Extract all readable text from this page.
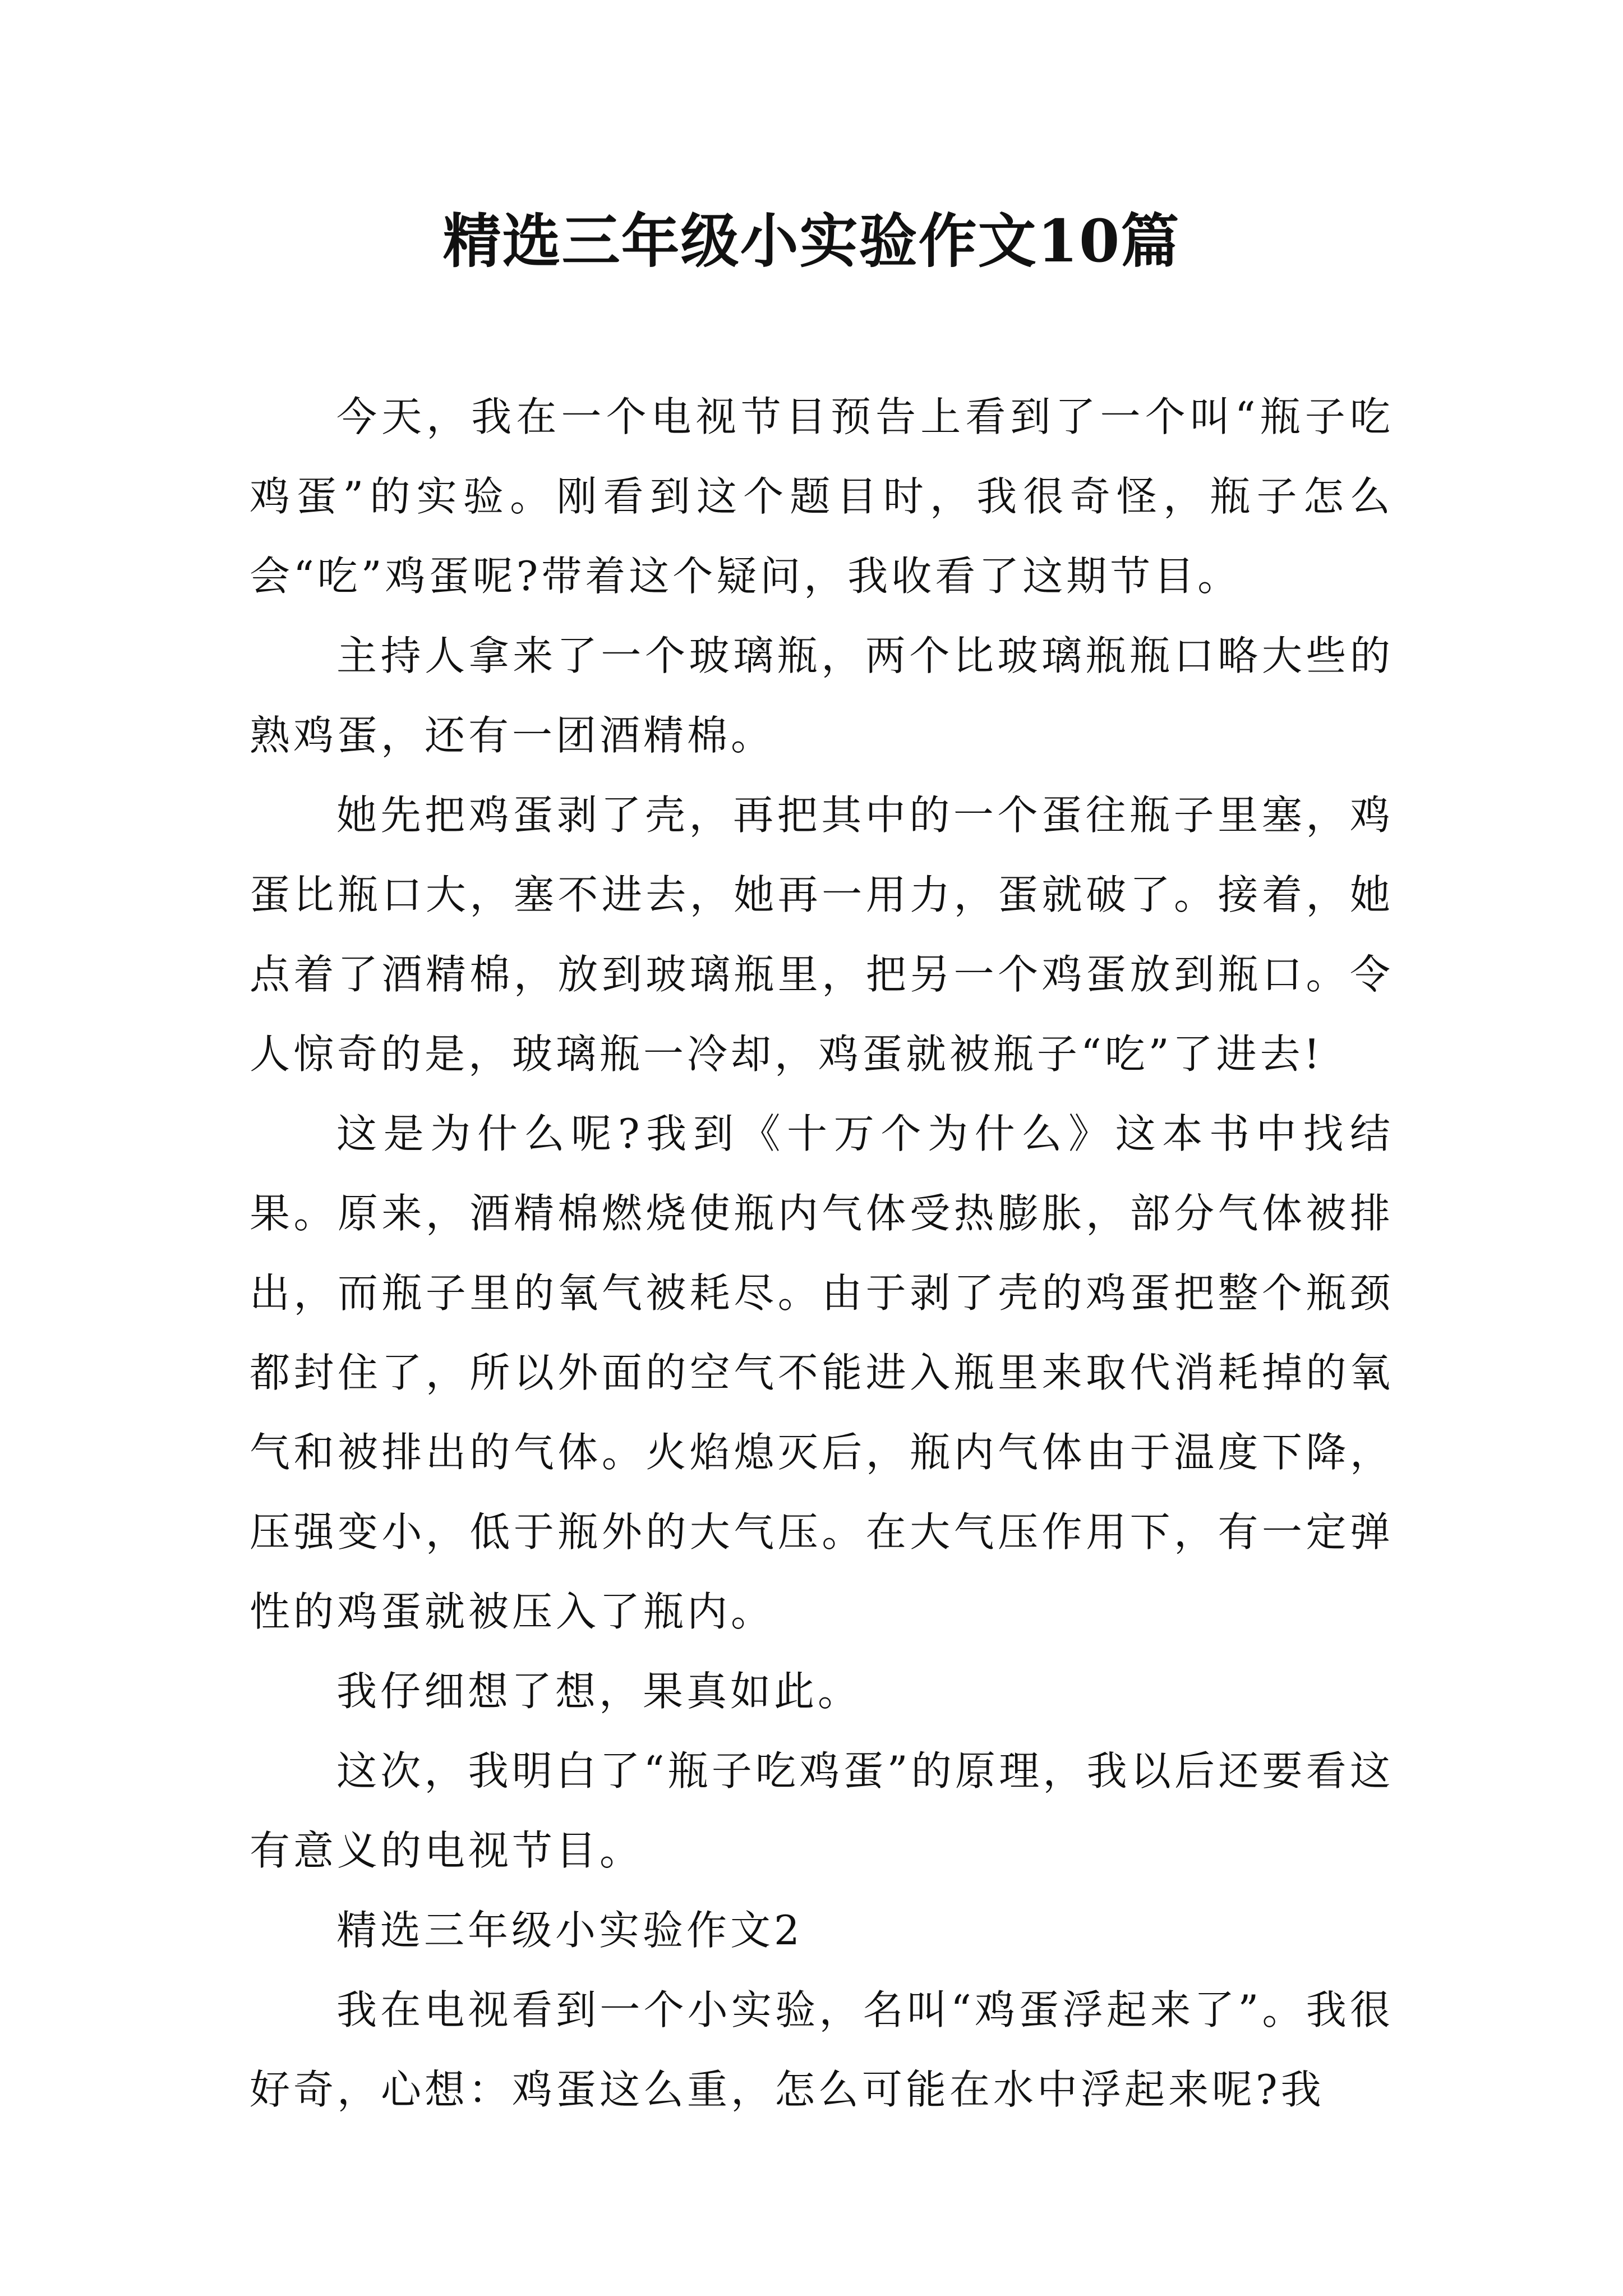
精选三年级小实验作文10篇

今天，我在一个电视节目预告上看到了一个叫“瓶子吃鸡蛋”的实验。刚看到这个题目时，我很奇怪，瓶子怎么会“吃”鸡蛋呢?带着这个疑问，我收看了这期节目。

主持人拿来了一个玻璃瓶，两个比玻璃瓶瓶口略大些的熟鸡蛋，还有一团酒精棉。

她先把鸡蛋剥了壳，再把其中的一个蛋往瓶子里塞，鸡蛋比瓶口大，塞不进去，她再一用力，蛋就破了。接着，她点着了酒精棉，放到玻璃瓶里，把另一个鸡蛋放到瓶口。令人惊奇的是，玻璃瓶一冷却，鸡蛋就被瓶子“吃”了进去!

这是为什么呢?我到《十万个为什么》这本书中找结果。原来，酒精棉燃烧使瓶内气体受热膨胀，部分气体被排出，而瓶子里的氧气被耗尽。由于剥了壳的鸡蛋把整个瓶颈都封住了，所以外面的空气不能进入瓶里来取代消耗掉的氧气和被排出的气体。火焰熄灭后，瓶内气体由于温度下降，压强变小，低于瓶外的大气压。在大气压作用下，有一定弹性的鸡蛋就被压入了瓶内。

我仔细想了想，果真如此。

这次，我明白了“瓶子吃鸡蛋”的原理，我以后还要看这有意义的电视节目。

精选三年级小实验作文2

我在电视看到一个小实验，名叫“鸡蛋浮起来了”。我很好奇，心想：鸡蛋这么重，怎么可能在水中浮起来呢?我
